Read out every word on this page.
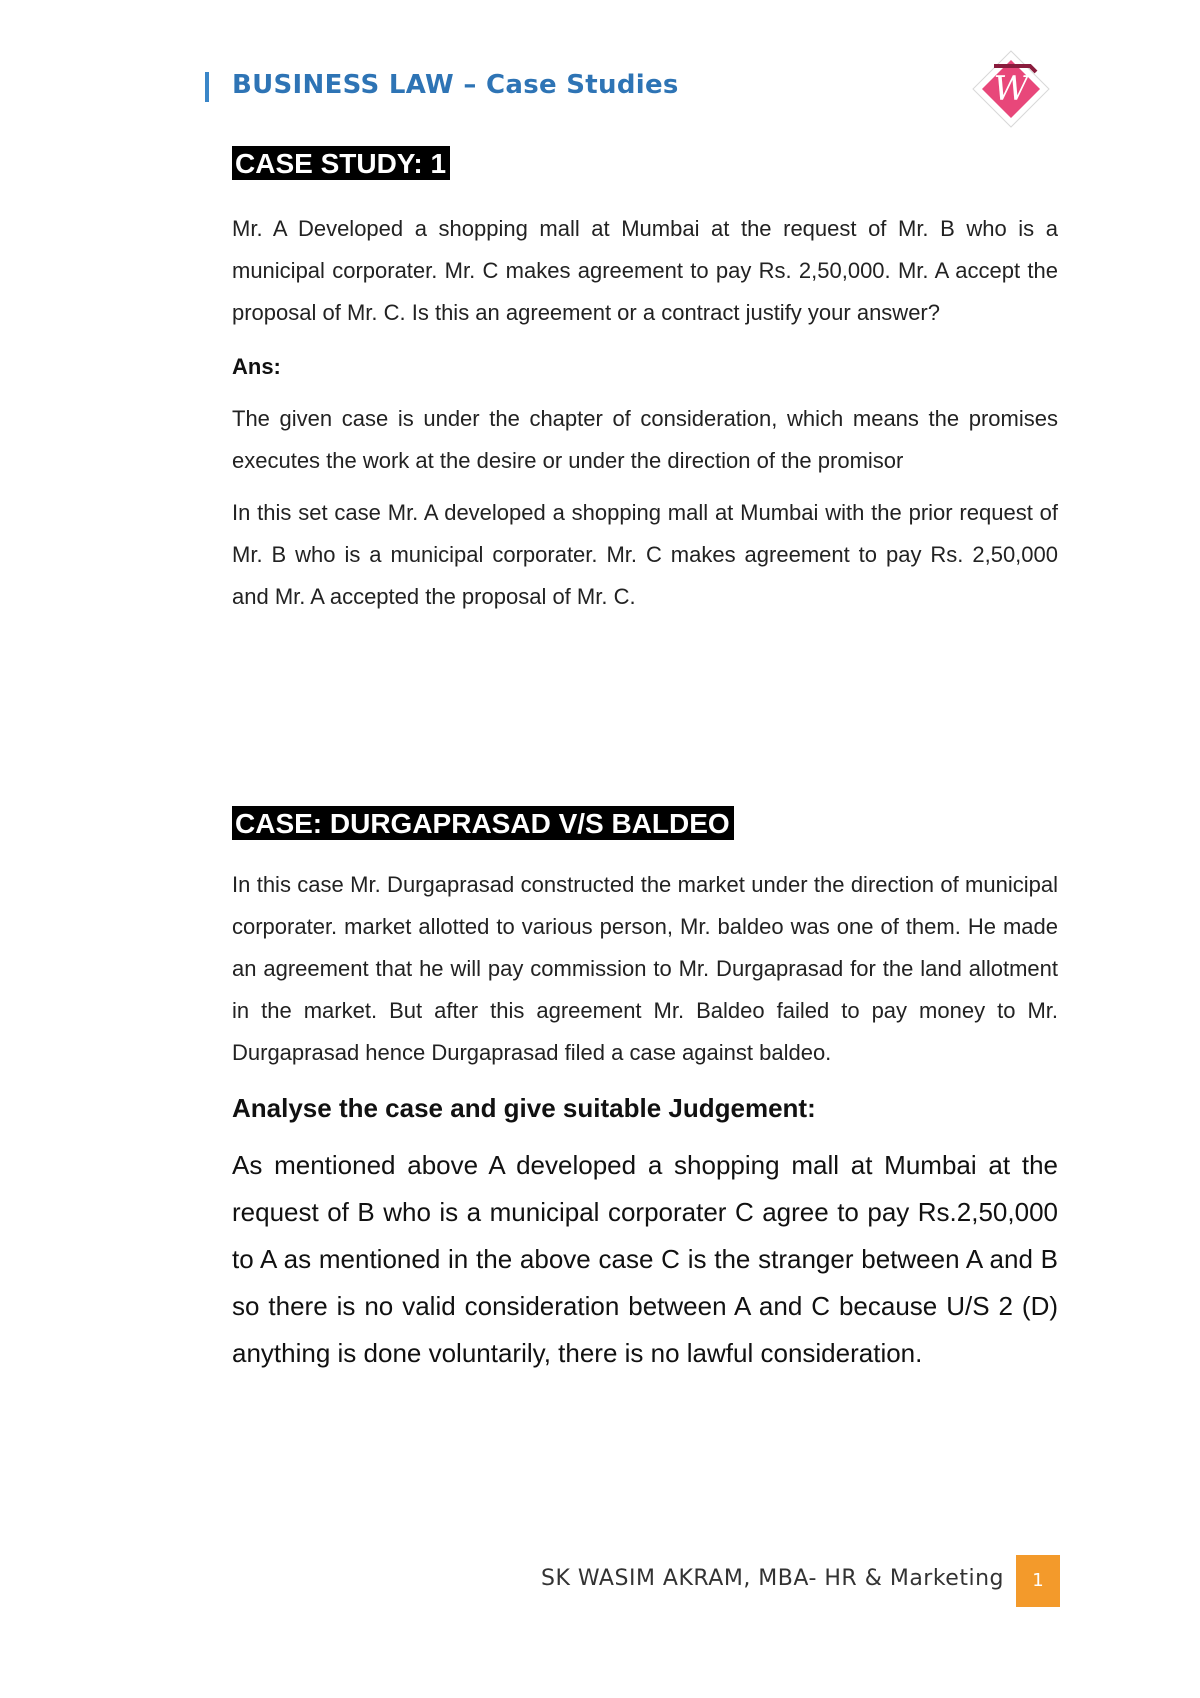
BUSINESS LAW – Case Studies	W
CASE STUDY: 1

Mr. A Developed a shopping mall at Mumbai at the request of Mr. B who is a municipal corporater. Mr. C makes agreement to pay Rs. 2,50,000. Mr. A accept the proposal of Mr. C. Is this an agreement or a contract justify your answer?

Ans:

The given case is under the chapter of consideration, which means the promises executes the work at the desire or under the direction of the promisor

In this set case Mr. A developed a shopping mall at Mumbai with the prior request of Mr. B who is a municipal corporater. Mr. C makes agreement to pay Rs. 2,50,000 and Mr. A accepted the proposal of Mr. C.

CASE: DURGAPRASAD V/S BALDEO

In this case Mr. Durgaprasad constructed the market under the direction of municipal corporater. market allotted to various person, Mr. baldeo was one of them. He made an agreement that he will pay commission to Mr. Durgaprasad for the land allotment in the market. But after this agreement Mr. Baldeo failed to pay money to Mr. Durgaprasad hence Durgaprasad filed a case against baldeo.

Analyse the case and give suitable Judgement:

As mentioned above A developed a shopping mall at Mumbai at the request of B who is a municipal corporater C agree to pay Rs.2,50,000 to A as mentioned in the above case C is the stranger between A and B so there is no valid consideration between A and C because U/S 2 (D) anything is done voluntarily, there is no lawful consideration.

SK WASIM AKRAM, MBA- HR & Marketing	1
